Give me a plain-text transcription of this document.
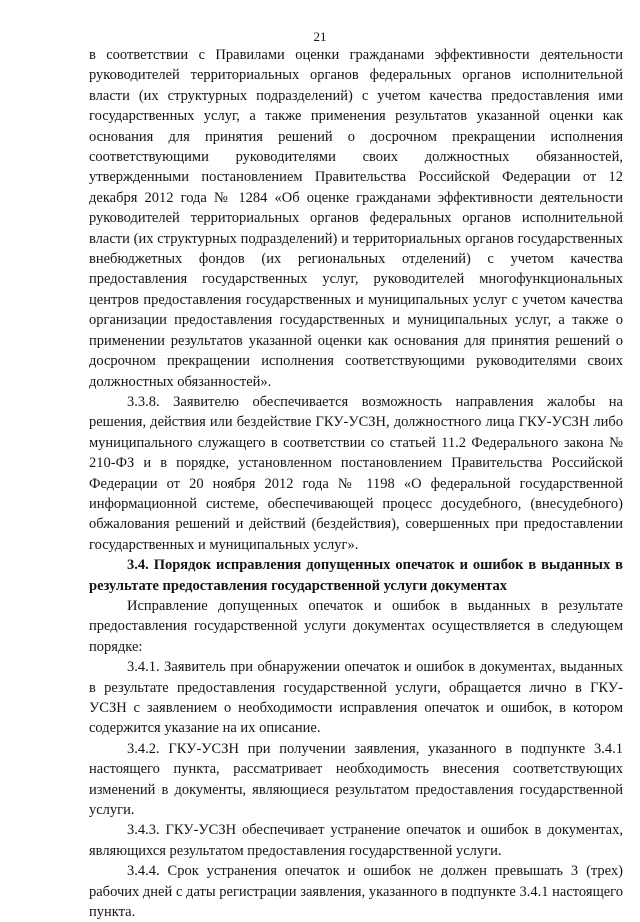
21

в соответствии с Правилами оценки гражданами эффективности деятельности руководителей территориальных органов федеральных органов исполнительной власти (их структурных подразделений) с учетом качества предоставления ими государственных услуг, а также применения результатов указанной оценки как основания для принятия решений о досрочном прекращении исполнения соответствующими руководителями своих должностных обязанностей, утвержденными постановлением Правительства Российской Федерации от 12 декабря 2012 года № 1284 «Об оценке гражданами эффективности деятельности руководителей территориальных органов федеральных органов исполнительной власти (их структурных подразделений) и территориальных органов государственных внебюджетных фондов (их региональных отделений) с учетом качества предоставления государственных услуг, руководителей многофункциональных центров предоставления государственных и муниципальных услуг с учетом качества организации предоставления государственных и муниципальных услуг, а также о применении результатов указанной оценки как основания для принятия решений о досрочном прекращении исполнения соответствующими руководителями своих должностных обязанностей».

3.3.8. Заявителю обеспечивается возможность направления жалобы на решения, действия или бездействие ГКУ-УСЗН, должностного лица ГКУ-УСЗН либо муниципального служащего в соответствии со статьей 11.2 Федерального закона № 210-ФЗ и в порядке, установленном постановлением Правительства Российской Федерации от 20 ноября 2012 года № 1198 «О федеральной государственной информационной системе, обеспечивающей процесс досудебного, (внесудебного) обжалования решений и действий (бездействия), совершенных при предоставлении государственных и муниципальных услуг».

3.4. Порядок исправления допущенных опечаток и ошибок в выданных в результате предоставления государственной услуги документах

Исправление допущенных опечаток и ошибок в выданных в результате предоставления государственной услуги документах осуществляется в следующем порядке:

3.4.1. Заявитель при обнаружении опечаток и ошибок в документах, выданных в результате предоставления государственной услуги, обращается лично в ГКУ-УСЗН с заявлением о необходимости исправления опечаток и ошибок, в котором содержится указание на их описание.

3.4.2. ГКУ-УСЗН при получении заявления, указанного в подпункте 3.4.1 настоящего пункта, рассматривает необходимость внесения соответствующих изменений в документы, являющиеся результатом предоставления государственной услуги.

3.4.3. ГКУ-УСЗН обеспечивает устранение опечаток и ошибок в документах, являющихся результатом предоставления государственной услуги.

3.4.4. Срок устранения опечаток и ошибок не должен превышать 3 (трех) рабочих дней с даты регистрации заявления, указанного в подпункте 3.4.1 настоящего пункта.
